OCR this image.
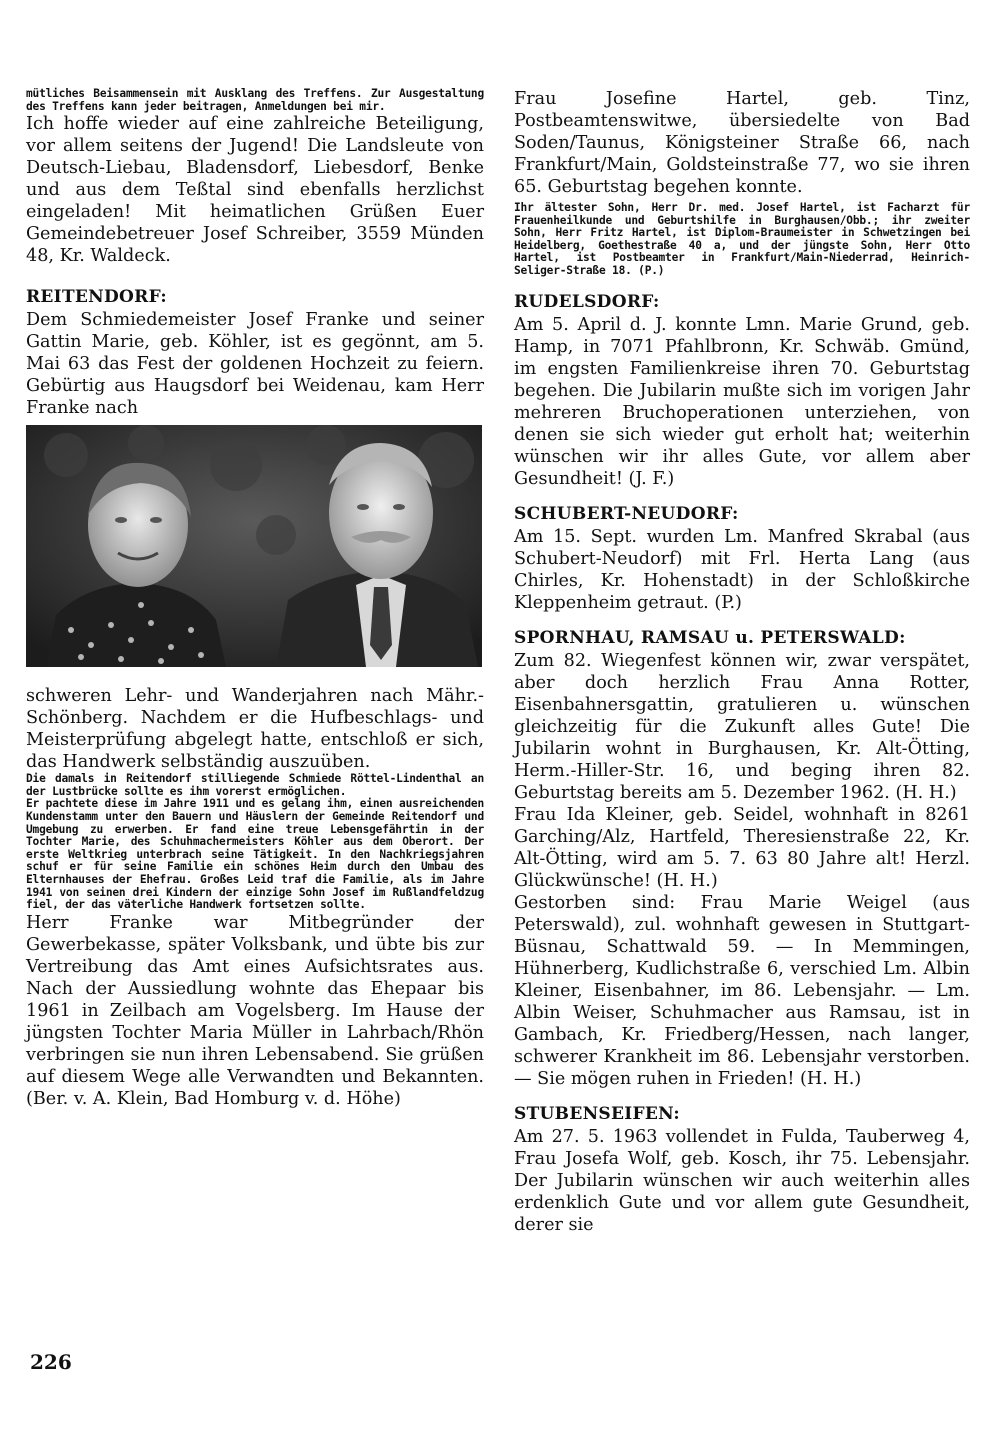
mütliches Beisammensein mit Ausklang des Treffens. Zur Ausgestaltung des Treffens kann jeder beitragen, Anmeldungen bei mir.

Ich hoffe wieder auf eine zahlreiche Beteiligung, vor allem seitens der Jugend! Die Landsleute von Deutsch-Liebau, Bladensdorf, Liebesdorf, Benke und aus dem Teßtal sind ebenfalls herzlichst eingeladen! Mit heimatlichen Grüßen Euer Gemeindebetreuer Josef Schreiber, 3559 Münden 48, Kr. Waldeck.

REITENDORF:

Dem Schmiedemeister Josef Franke und seiner Gattin Marie, geb. Köhler, ist es gegönnt, am 5. Mai 63 das Fest der goldenen Hochzeit zu feiern. Gebürtig aus Haugsdorf bei Weidenau, kam Herr Franke nach

schweren Lehr- und Wanderjahren nach Mähr.-Schönberg. Nachdem er die Hufbeschlags- und Meisterprüfung abgelegt hatte, entschloß er sich, das Handwerk selbständig auszuüben.

Die damals in Reitendorf stilliegende Schmiede Röttel-Lindenthal an der Lustbrücke sollte es ihm vorerst ermöglichen.

Er pachtete diese im Jahre 1911 und es gelang ihm, einen ausreichenden Kundenstamm unter den Bauern und Häuslern der Gemeinde Reitendorf und Umgebung zu erwerben. Er fand eine treue Lebensgefährtin in der Tochter Marie, des Schuhmachermeisters Köhler aus dem Oberort. Der erste Weltkrieg unterbrach seine Tätigkeit. In den Nachkriegsjahren schuf er für seine Familie ein schönes Heim durch den Umbau des Elternhauses der Ehefrau. Großes Leid traf die Familie, als im Jahre 1941 von seinen drei Kindern der einzige Sohn Josef im Rußlandfeldzug fiel, der das väterliche Handwerk fortsetzen sollte.

Herr Franke war Mitbegründer der Gewerbekasse, später Volksbank, und übte bis zur Vertreibung das Amt eines Aufsichtsrates aus. Nach der Aussiedlung wohnte das Ehepaar bis 1961 in Zeilbach am Vogelsberg. Im Hause der jüngsten Tochter Maria Müller in Lahrbach/Rhön verbringen sie nun ihren Lebensabend. Sie grüßen auf diesem Wege alle Verwandten und Bekannten. (Ber. v. A. Klein, Bad Homburg v. d. Höhe)

Frau Josefine Hartel, geb. Tinz, Postbeamtenswitwe, übersiedelte von Bad Soden/Taunus, Königsteiner Straße 66, nach Frankfurt/Main, Goldsteinstraße 77, wo sie ihren 65. Geburtstag begehen konnte.

Ihr ältester Sohn, Herr Dr. med. Josef Hartel, ist Facharzt für Frauenheilkunde und Geburtshilfe in Burghausen/Obb.; ihr zweiter Sohn, Herr Fritz Hartel, ist Diplom-Braumeister in Schwetzingen bei Heidelberg, Goethestraße 40 a, und der jüngste Sohn, Herr Otto Hartel, ist Postbeamter in Frankfurt/Main-Niederrad, Heinrich-Seliger-Straße 18. (P.)

RUDELSDORF:

Am 5. April d. J. konnte Lmn. Marie Grund, geb. Hamp, in 7071 Pfahlbronn, Kr. Schwäb. Gmünd, im engsten Familienkreise ihren 70. Geburtstag begehen. Die Jubilarin mußte sich im vorigen Jahr mehreren Bruchoperationen unterziehen, von denen sie sich wieder gut erholt hat; weiterhin wünschen wir ihr alles Gute, vor allem aber Gesundheit! (J. F.)

SCHUBERT-NEUDORF:

Am 15. Sept. wurden Lm. Manfred Skrabal (aus Schubert-Neudorf) mit Frl. Herta Lang (aus Chirles, Kr. Hohenstadt) in der Schloßkirche Kleppenheim getraut. (P.)

SPORNHAU, RAMSAU u. PETERSWALD:

Zum 82. Wiegenfest können wir, zwar verspätet, aber doch herzlich Frau Anna Rotter, Eisenbahnersgattin, gratulieren u. wünschen gleichzeitig für die Zukunft alles Gute! Die Jubilarin wohnt in Burghausen, Kr. Alt-Ötting, Herm.-Hiller-Str. 16, und beging ihren 82. Geburtstag bereits am 5. Dezember 1962. (H. H.)

Frau Ida Kleiner, geb. Seidel, wohnhaft in 8261 Garching/Alz, Hartfeld, Theresienstraße 22, Kr. Alt-Ötting, wird am 5. 7. 63 80 Jahre alt! Herzl. Glückwünsche! (H. H.)

Gestorben sind: Frau Marie Weigel (aus Peterswald), zul. wohnhaft gewesen in Stuttgart-Büsnau, Schattwald 59. — In Memmingen, Hühnerberg, Kudlichstraße 6, verschied Lm. Albin Kleiner, Eisenbahner, im 86. Lebensjahr. — Lm. Albin Weiser, Schuhmacher aus Ramsau, ist in Gambach, Kr. Friedberg/Hessen, nach langer, schwerer Krankheit im 86. Lebensjahr verstorben. — Sie mögen ruhen in Frieden! (H. H.)

STUBENSEIFEN:

Am 27. 5. 1963 vollendet in Fulda, Tauberweg 4, Frau Josefa Wolf, geb. Kosch, ihr 75. Lebensjahr. Der Jubilarin wünschen wir auch weiterhin alles erdenklich Gute und vor allem gute Gesundheit, derer sie

226
